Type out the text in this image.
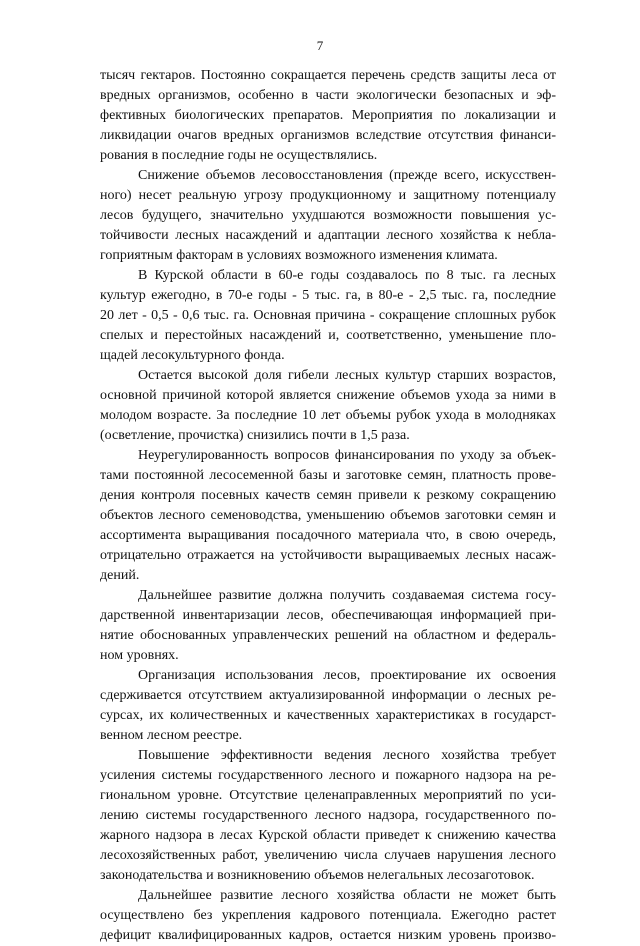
7

тысяч гектаров. Постоянно сокращается перечень средств защиты леса от
вредных организмов, особенно в части экологически безопасных и эф-
фективных биологических препаратов. Мероприятия по локализации и
ликвидации очагов вредных организмов вследствие отсутствия финанси-
рования в последние годы не осуществлялись.

Снижение объемов лесовосстановления (прежде всего, искусствен-
ного) несет реальную угрозу продукционному и защитному потенциалу
лесов будущего, значительно ухудшаются возможности повышения ус-
тойчивости лесных насаждений и адаптации лесного хозяйства к небла-
гоприятным факторам в условиях возможного изменения климата.

В Курской области в 60-е годы создавалось по 8 тыс. га лесных
культур ежегодно, в 70-е годы - 5 тыс. га, в 80-е - 2,5 тыс. га, последние
20 лет - 0,5 - 0,6 тыс. га. Основная причина - сокращение сплошных рубок
спелых и перестойных насаждений и, соответственно, уменьшение пло-
щадей лесокультурного фонда.

Остается высокой доля гибели лесных культур старших возрастов,
основной причиной которой является снижение объемов ухода за ними в
молодом возрасте. За последние 10 лет объемы рубок ухода в молодняках
(осветление, прочистка) снизились почти в 1,5 раза.

Неурегулированность вопросов финансирования по уходу за объек-
тами постоянной лесосеменной базы и заготовке семян, платность прове-
дения контроля посевных качеств семян привели к резкому сокращению
объектов лесного семеноводства, уменьшению объемов заготовки семян и
ассортимента выращивания посадочного материала что, в свою очередь,
отрицательно отражается на устойчивости выращиваемых лесных насаж-
дений.

Дальнейшее развитие должна получить создаваемая система госу-
дарственной инвентаризации лесов, обеспечивающая информацией при-
нятие обоснованных управленческих решений на областном и федераль-
ном уровнях.

Организация использования лесов, проектирование их освоения
сдерживается отсутствием актуализированной информации о лесных ре-
сурсах, их количественных и качественных характеристиках в государст-
венном лесном реестре.

Повышение эффективности ведения лесного хозяйства требует
усиления системы государственного лесного и пожарного надзора на ре-
гиональном уровне. Отсутствие целенаправленных мероприятий по уси-
лению системы государственного лесного надзора, государственного по-
жарного надзора в лесах Курской области приведет к снижению качества
лесохозяйственных работ, увеличению числа случаев нарушения лесного
законодательства и возникновению объемов нелегальных лесозаготовок.

Дальнейшее развитие лесного хозяйства области не может быть
осуществлено без укрепления кадрового потенциала. Ежегодно растет
дефицит квалифицированных кадров, остается низким уровень произво-
